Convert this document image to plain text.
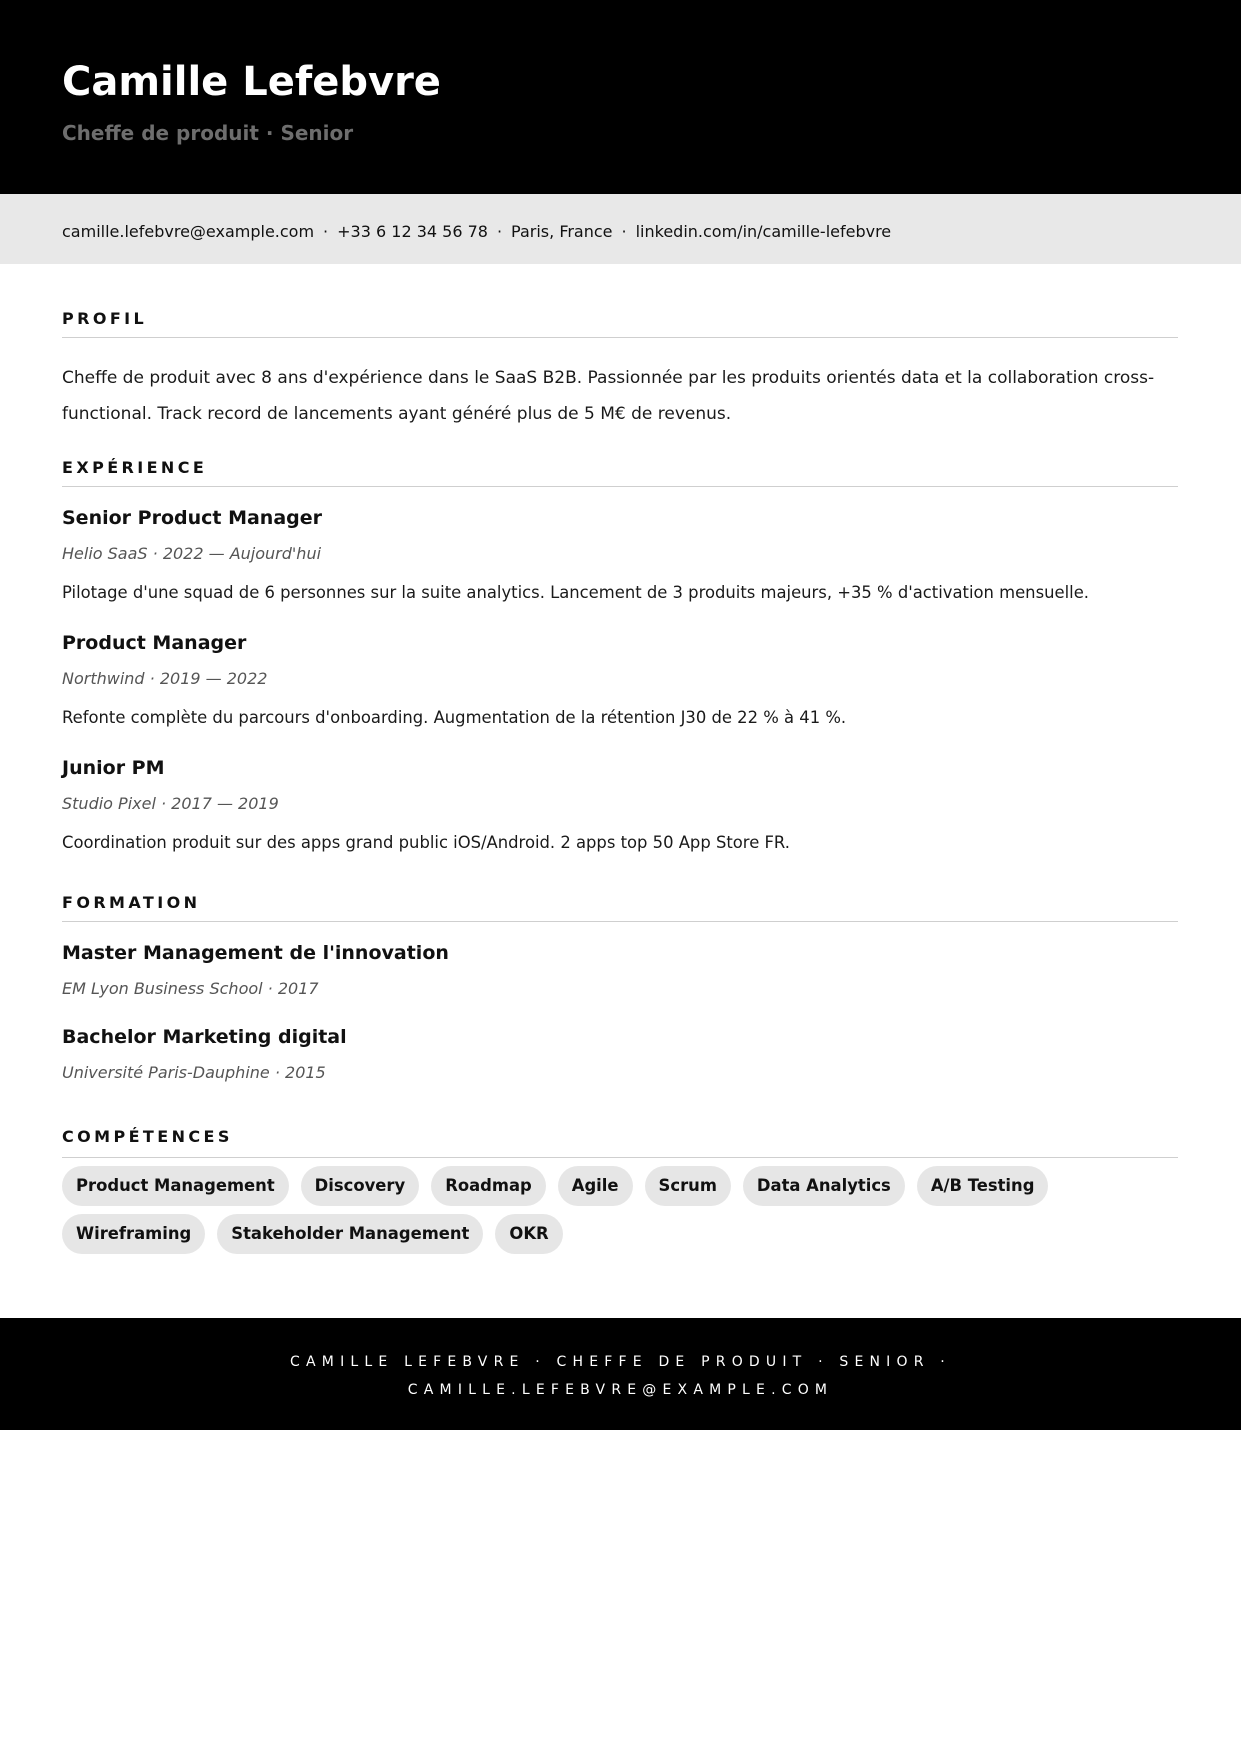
Camille Lefebvre
Cheffe de produit · Senior
camille.lefebvre@example.com · +33 6 12 34 56 78 · Paris, France · linkedin.com/in/camille-lefebvre
PROFIL

Cheffe de produit avec 8 ans d'expérience dans le SaaS B2B. Passionnée par les produits orientés data et la collaboration cross-functional. Track record de lancements ayant généré plus de 5 M€ de revenus.

EXPÉRIENCE
Senior Product Manager
Helio SaaS · 2022 — Aujourd'hui

Pilotage d'une squad de 6 personnes sur la suite analytics. Lancement de 3 produits majeurs, +35 % d'activation mensuelle.

Product Manager
Northwind · 2019 — 2022

Refonte complète du parcours d'onboarding. Augmentation de la rétention J30 de 22 % à 41 %.

Junior PM
Studio Pixel · 2017 — 2019

Coordination produit sur des apps grand public iOS/Android. 2 apps top 50 App Store FR.

FORMATION
Master Management de l'innovation
EM Lyon Business School · 2017
Bachelor Marketing digital
Université Paris-Dauphine · 2015
COMPÉTENCES
Product Management	Discovery	Roadmap	Agile	Scrum	Data Analytics	A/B Testing
Wireframing	Stakeholder Management	OKR
CAMILLE LEFEBVRE · CHEFFE DE PRODUIT · SENIOR ·
CAMILLE.LEFEBVRE@EXAMPLE.COM
